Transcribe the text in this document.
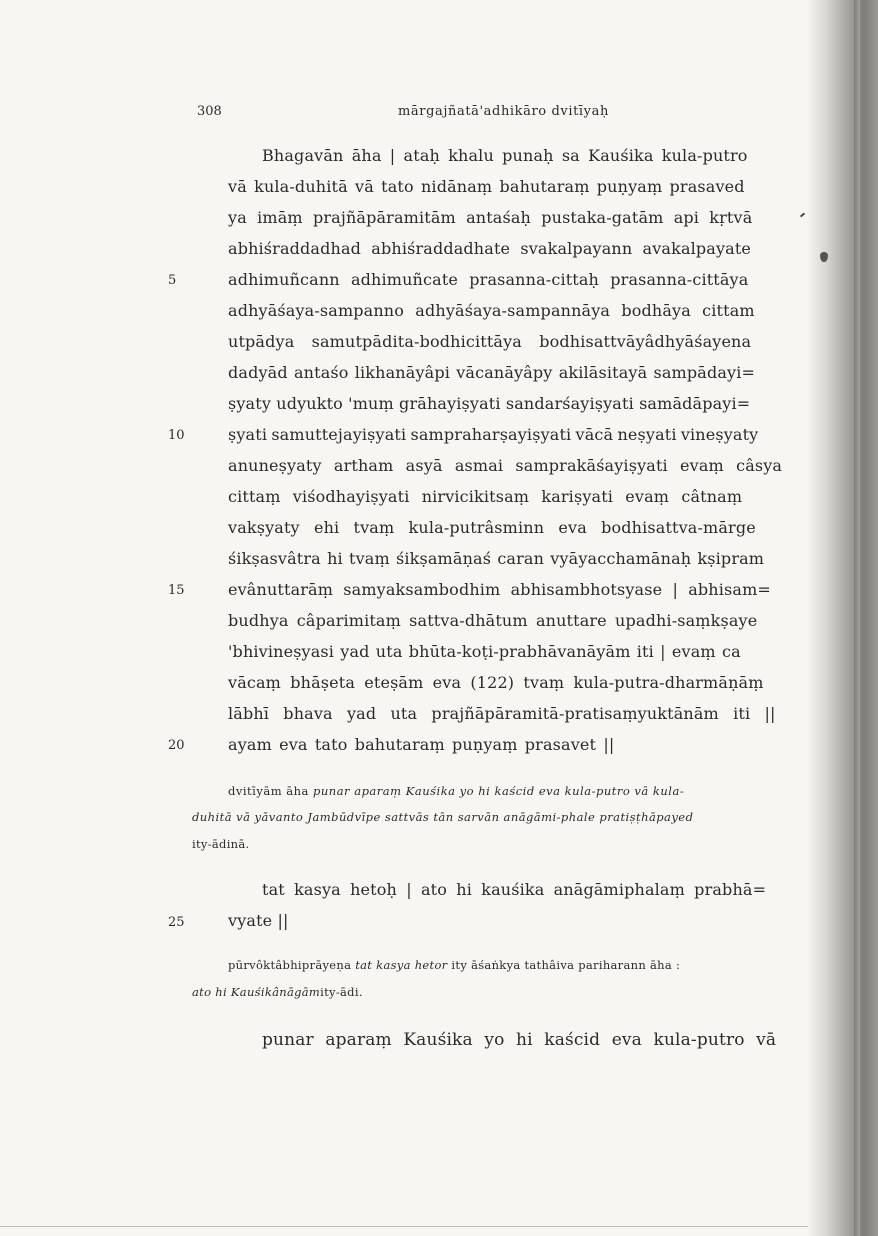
308	mārgajñatā'adhikāro dvitīyaḥ
Bhagavān āha | ataḥ khalu punaḥ sa Kauśika kula-putro
vā kula-duhitā vā tato nidānaṃ bahutaraṃ puṇyaṃ prasaved
ya imāṃ prajñāpāramitām antaśaḥ pustaka-gatām api kṛtvā
abhiśraddadhad abhiśraddadhate svakalpayann avakalpayate
adhimuñcann adhimuñcate prasanna-cittaḥ prasanna-cittāya
adhyāśaya-sampanno adhyāśaya-sampannāya bodhāya cittam
utpādya samutpādita-bodhicittāya bodhisattvāyâdhyāśayena
dadyād antaśo likhanāyâpi vācanāyâpy akilāsitayā sampādayi=
ṣyaty udyukto 'muṃ grāhayiṣyati sandarśayiṣyati samādāpayi=
ṣyati samuttejayiṣyati sampraharṣayiṣyati vācā neṣyati vineṣyaty
anuneṣyaty artham asyā asmai samprakāśayiṣyati evaṃ câsya
cittaṃ viśodhayiṣyati nirvicikitsaṃ kariṣyati evaṃ câtnaṃ
vakṣyaty ehi tvaṃ kula-putrâsminn eva bodhisattva-mārge
śikṣasvâtra hi tvaṃ śikṣamāṇaś caran vyāyacchamānaḥ kṣipram
evânuttarāṃ samyaksambodhim abhisambhotsyase | abhisam=
budhya câparimitaṃ sattva-dhātum anuttare upadhi-saṃkṣaye
'bhivineṣyasi yad uta bhūta-koṭi-prabhāvanāyām iti | evaṃ ca
vācaṃ bhāṣeta eteṣām eva (122) tvaṃ kula-putra-dharmāṇāṃ
lābhī bhava yad uta prajñāpāramitā-pratisaṃyuktānām iti ||
ayam eva tato bahutaraṃ puṇyaṃ prasavet ||
5
10
15
20
25
dvitīyām āha punar aparaṃ Kauśika yo hi kaścid eva kula-putro vā kula-
duhitā vā yāvanto Jambūdvīpe sattvās tān sarvān anāgāmi-phale pratiṣṭhāpayed
ity-ādinā.
tat kasya hetoḥ | ato hi kauśika anāgāmiphalaṃ prabhā=
vyate ||
pūrvôktâbhiprāyeṇa tat kasya hetor ity āśaṅkya tathâiva pariharann āha :
ato hi Kauśikânāgāmity-ādi.
punar aparaṃ Kauśika yo hi kaścid eva kula-putro vā
